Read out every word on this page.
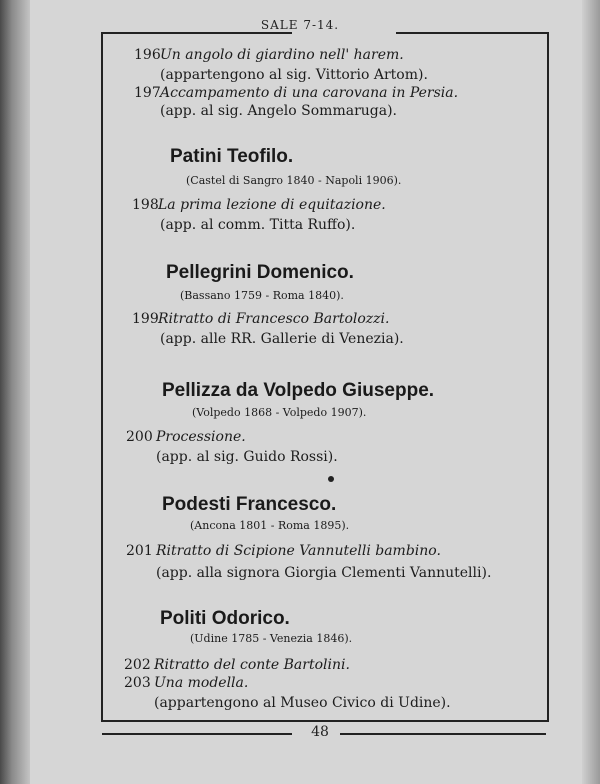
SALE 7-14.
196Un angolo di giardino nell' harem.
(appartengono al sig. Vittorio Artom).
197Accampamento di una carovana in Persia.
(app. al sig. Angelo Sommaruga).
Patini Teofilo.
(Castel di Sangro 1840 - Napoli 1906).
198La prima lezione di equitazione.
(app. al comm. Titta Ruffo).
Pellegrini Domenico.
(Bassano 1759 - Roma 1840).
199Ritratto di Francesco Bartolozzi.
(app. alle RR. Gallerie di Venezia).
Pellizza da Volpedo Giuseppe.
(Volpedo 1868 - Volpedo 1907).
200 Processione.
(app. al sig. Guido Rossi).
Podesti Francesco.
(Ancona 1801 - Roma 1895).
201 Ritratto di Scipione Vannutelli bambino.
(app. alla signora Giorgia Clementi Vannutelli).
Politi Odorico.
(Udine 1785 - Venezia 1846).
202 Ritratto del conte Bartolini.
203 Una modella.
(appartengono al Museo Civico di Udine).
48
